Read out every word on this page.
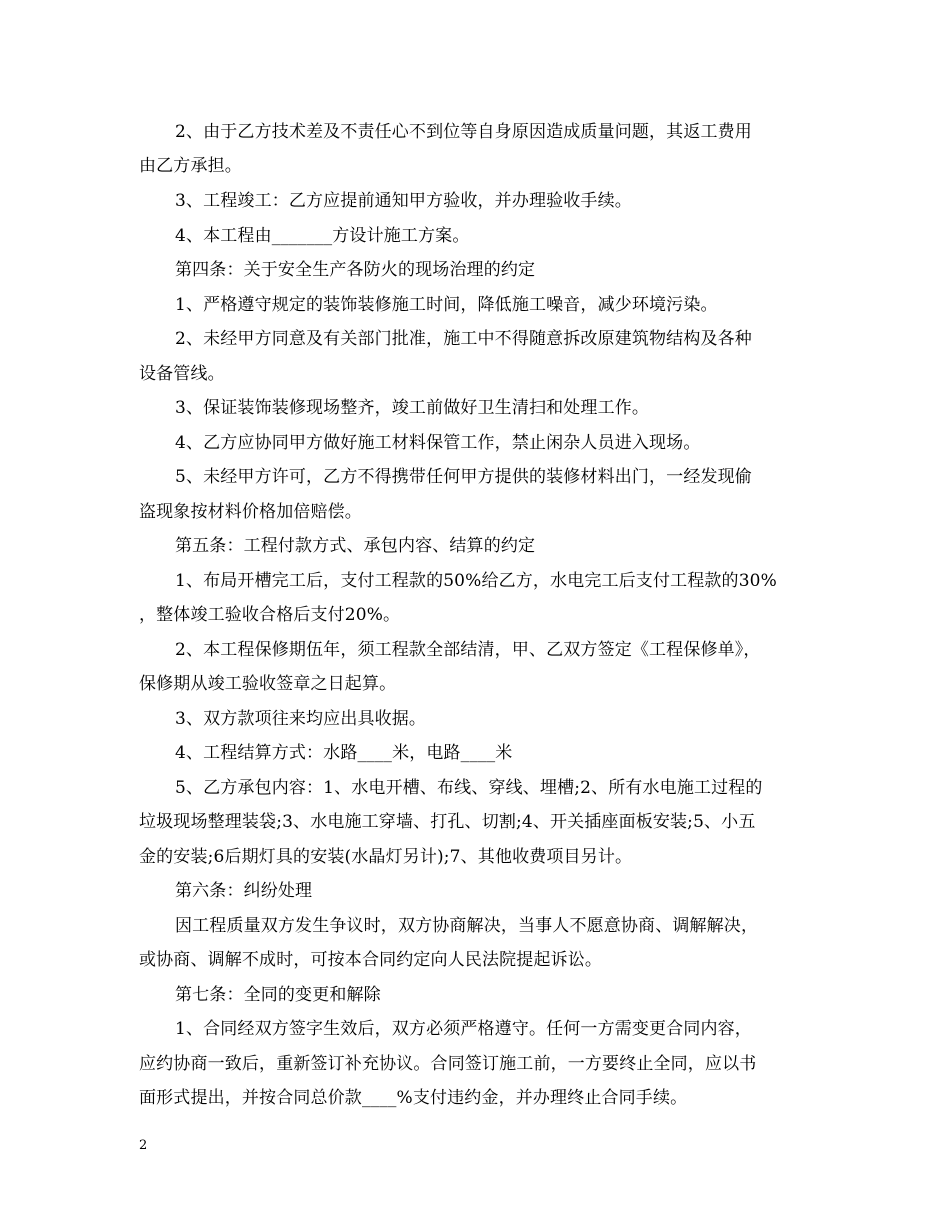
2、由于乙方技术差及不责任心不到位等自身原因造成质量问题，其返工费用
由乙方承担。
3、工程竣工：乙方应提前通知甲方验收，并办理验收手续。
4、本工程由_______方设计施工方案。
第四条：关于安全生产各防火的现场治理的约定
1、严格遵守规定的装饰装修施工时间，降低施工噪音，减少环境污染。
2、未经甲方同意及有关部门批准，施工中不得随意拆改原建筑物结构及各种
设备管线。
3、保证装饰装修现场整齐，竣工前做好卫生清扫和处理工作。
4、乙方应协同甲方做好施工材料保管工作，禁止闲杂人员进入现场。
5、未经甲方许可，乙方不得携带任何甲方提供的装修材料出门，一经发现偷
盗现象按材料价格加倍赔偿。
第五条：工程付款方式、承包内容、结算的约定
1、布局开槽完工后，支付工程款的50%给乙方，水电完工后支付工程款的30%
，整体竣工验收合格后支付20%。
2、本工程保修期伍年，须工程款全部结清，甲、乙双方签定《工程保修单》，
保修期从竣工验收签章之日起算。
3、双方款项往来均应出具收据。
4、工程结算方式：水路____米，电路____米
5、乙方承包内容：1、水电开槽、布线、穿线、埋槽;2、所有水电施工过程的
垃圾现场整理装袋;3、水电施工穿墙、打孔、切割;4、开关插座面板安装;5、小五
金的安装;6后期灯具的安装(水晶灯另计);7、其他收费项目另计。
第六条：纠纷处理
因工程质量双方发生争议时，双方协商解决，当事人不愿意协商、调解解决，
或协商、调解不成时，可按本合同约定向人民法院提起诉讼。
第七条：全同的变更和解除
1、合同经双方签字生效后，双方必须严格遵守。任何一方需变更合同内容，
应约协商一致后，重新签订补充协议。合同签订施工前，一方要终止全同，应以书
面形式提出，并按合同总价款____%支付违约金，并办理终止合同手续。
2
